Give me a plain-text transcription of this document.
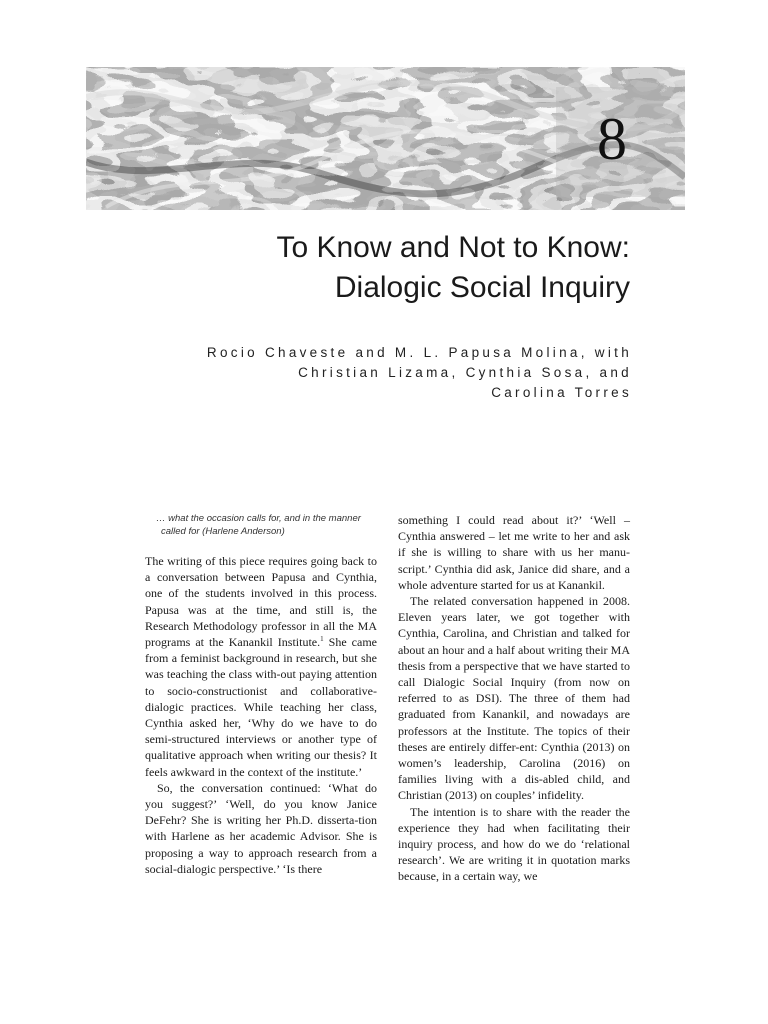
8
To Know and Not to Know:
Dialogic Social Inquiry
Rocio Chaveste and M. L. Papusa Molina, with
Christian Lizama, Cynthia Sosa, and
Carolina Torres
… what the occasion calls for, and in the manner
called for (Harlene Anderson)

The writing of this piece requires going back to a conversation between Papusa and Cynthia, one of the students involved in this process. Papusa was at the time, and still is, the Research Methodology professor in all the MA programs at the Kanankil Institute.$^1$ She came from a feminist background in research, but she was teaching the class with-out paying attention to socio-constructionist and collaborative-dialogic practices. While teaching her class, Cynthia asked her, ‘Why do we have to do semi-structured interviews or another type of qualitative approach when writing our thesis? It feels awkward in the context of the institute.’

So, the conversation continued: ‘What do you suggest?’ ‘Well, do you know Janice DeFehr? She is writing her Ph.D. disserta-tion with Harlene as her academic Advisor. She is proposing a way to approach research from a social-dialogic perspective.’ ‘Is there

something I could read about it?’ ‘Well – Cynthia answered – let me write to her and ask if she is willing to share with us her manu-script.’ Cynthia did ask, Janice did share, and a whole adventure started for us at Kanankil.

The related conversation happened in 2008. Eleven years later, we got together with Cynthia, Carolina, and Christian and talked for about an hour and a half about writing their MA thesis from a perspective that we have started to call Dialogic Social Inquiry (from now on referred to as DSI). The three of them had graduated from Kanankil, and nowadays are professors at the Institute. The topics of their theses are entirely differ-ent: Cynthia (2013) on women’s leadership, Carolina (2016) on families living with a dis-abled child, and Christian (2013) on couples’ infidelity.

The intention is to share with the reader the experience they had when facilitating their inquiry process, and how do we do ‘relational research’. We are writing it in quotation marks because, in a certain way, we
